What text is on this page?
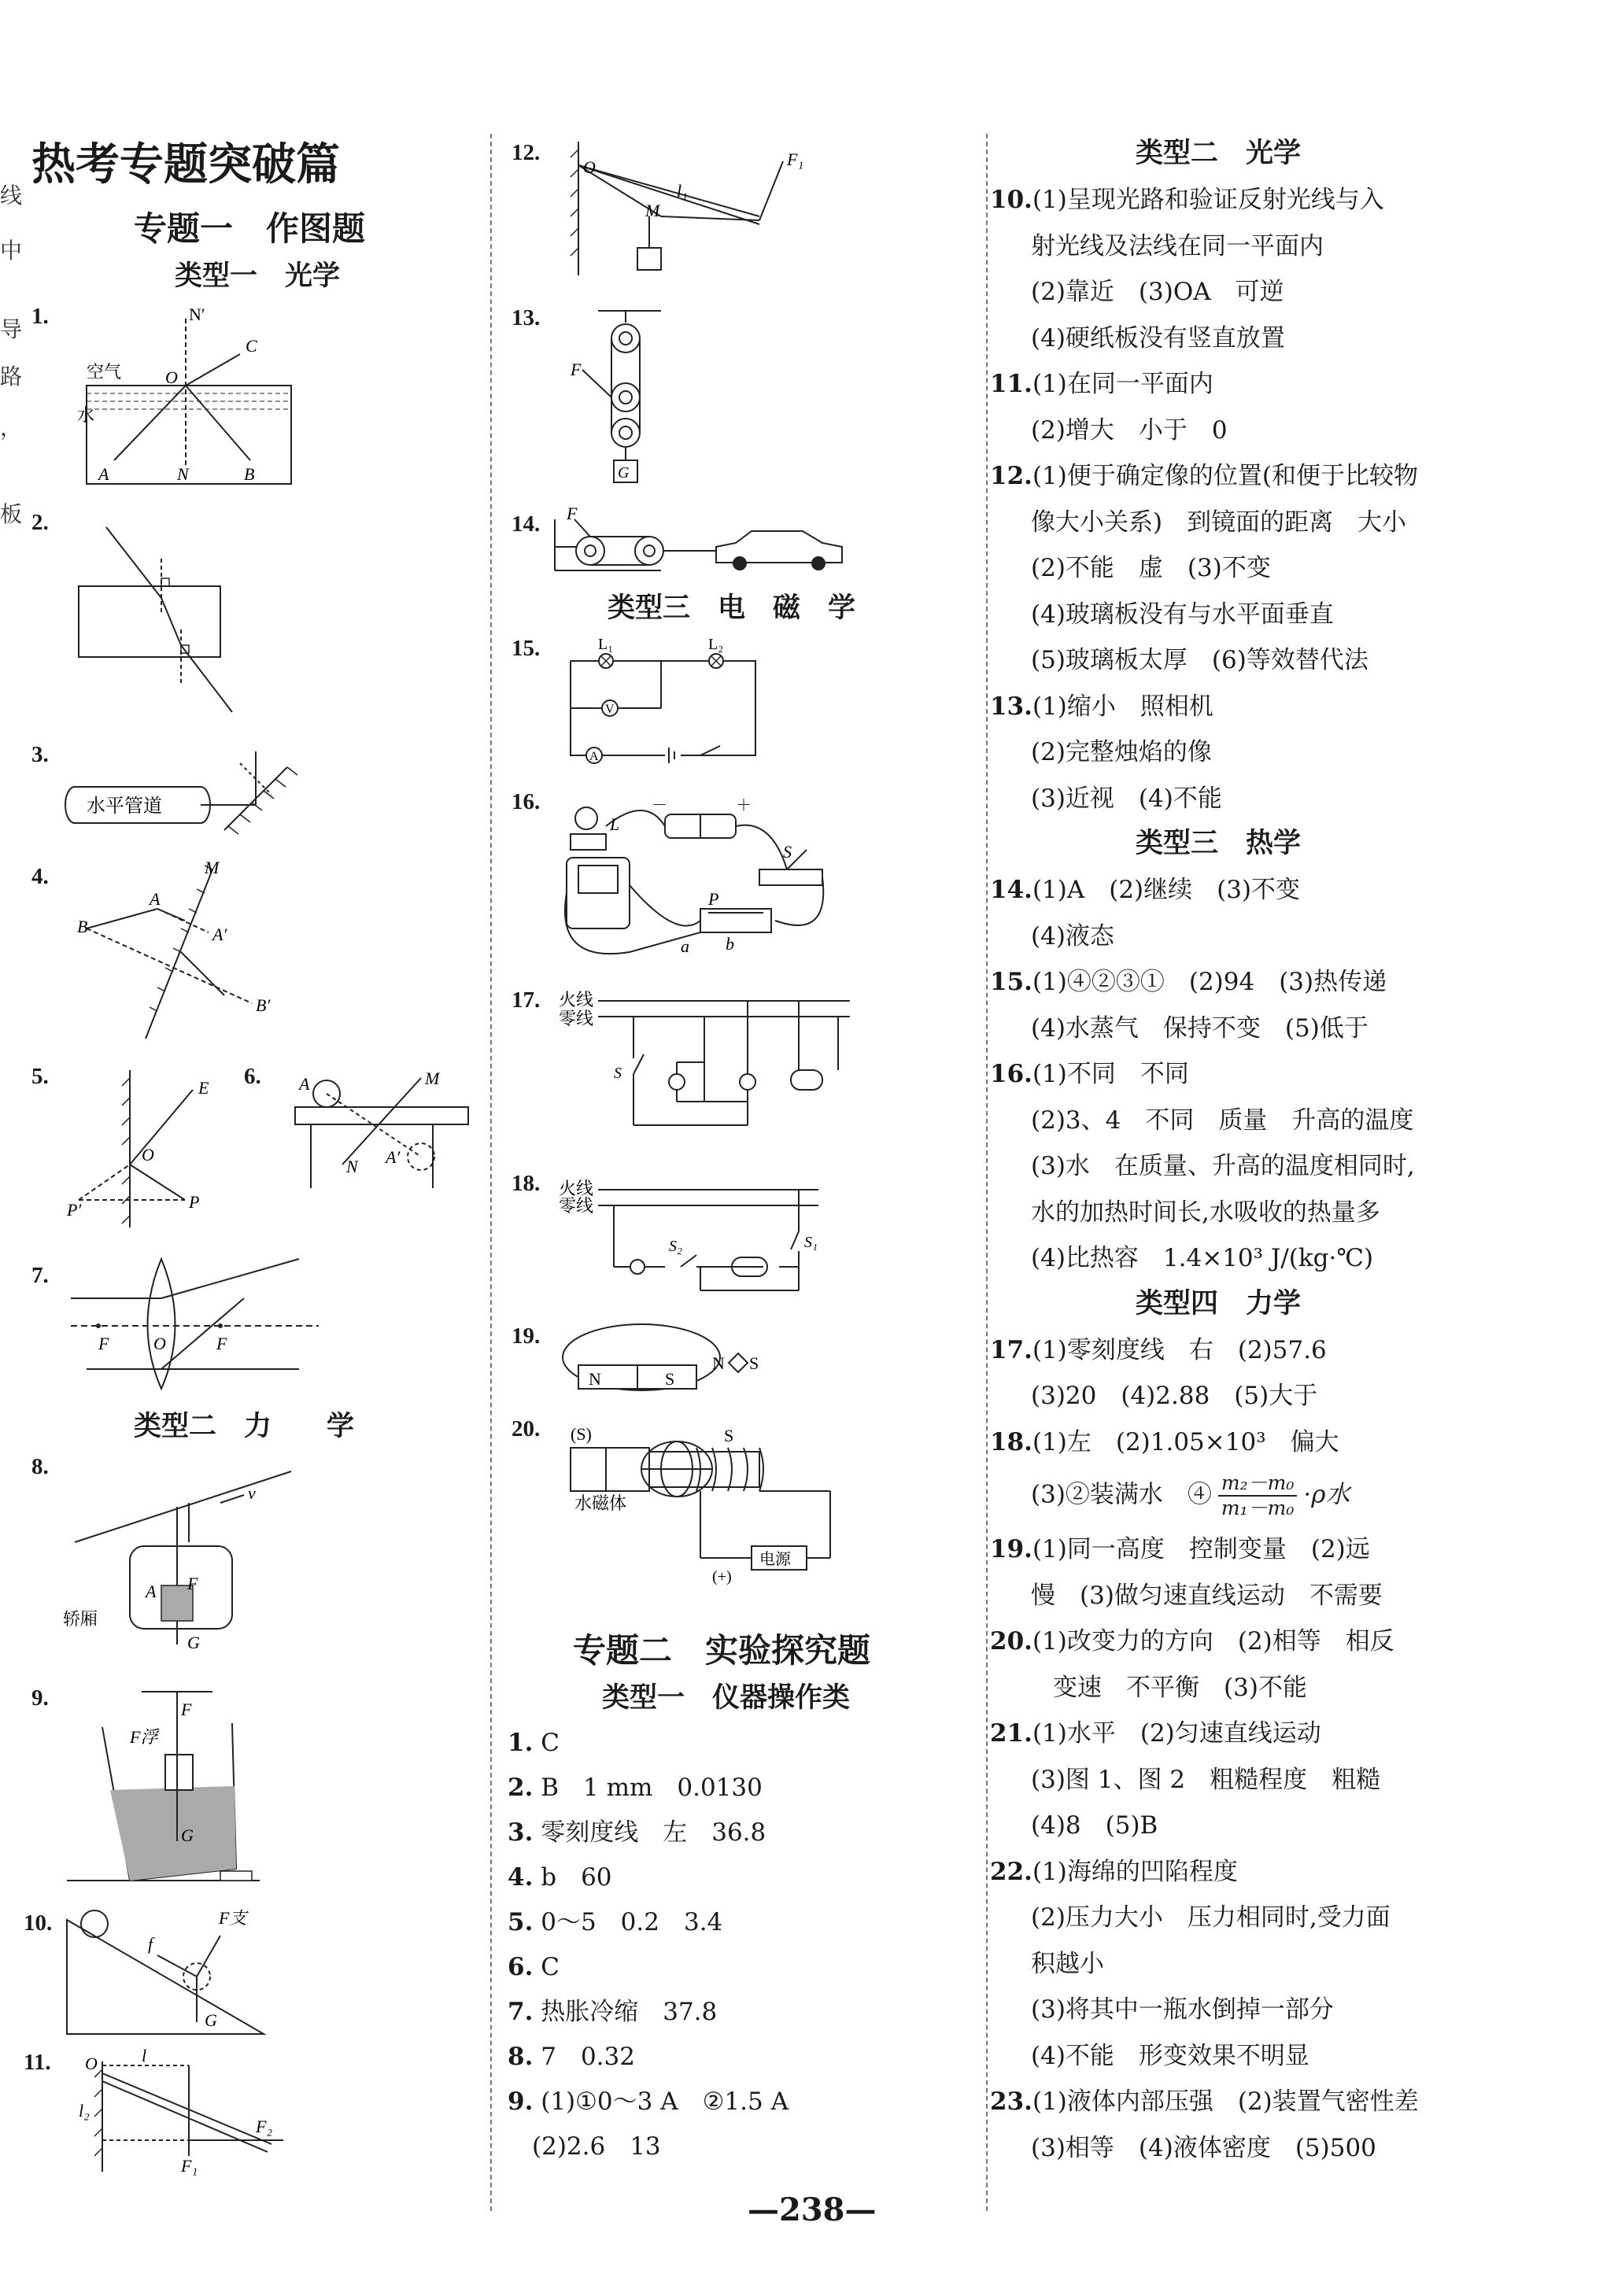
线
中
导
路
，
板
热考专题突破篇
专题一　作图题
类型一　光学
1.	N′
空气	O
C
水
A	N	B
2.
3.
水平管道
4.	M
A
B	A′
B′
5.	E
O
P′	P
6. A	M
N A′
7.
F	O	F
类型二　力　　学
8.
v
F
A
G
轿厢
9.	F
F浮
G
10.	F支
f
G
11. O	l
l₂
F₂
F₁
12.
O
l₁
M
F₁
13.
F
G
14. F
类型三　电　磁　学
15.	L₁	L₂
V
A
16.	－	＋
L
S
P
a b
17. 火线
零线
S
18. 火线
零线
S₂	S₁
19.
N	S
N S
20. (S)	S
水磁体
电源
(+)
专题二　实验探究题
类型一　仪器操作类
1. C
2. B　1 mm　0.0130
3. 零刻度线　左　36.8
4. b　60
5. 0～5　0.2　3.4
6. C
7. 热胀冷缩　37.8
8. 7　0.32
9. (1)①0～3 A　②1.5 A
　(2)2.6　13
类型二　光学
10.(1)呈现光路和验证反射光线与入
射光线及法线在同一平面内
(2)靠近　(3)OA　可逆
(4)硬纸板没有竖直放置
11.(1)在同一平面内
(2)增大　小于　0
12.(1)便于确定像的位置(和便于比较物
像大小关系)　到镜面的距离　大小
(2)不能　虚　(3)不变
(4)玻璃板没有与水平面垂直
(5)玻璃板太厚　(6)等效替代法
13.(1)缩小　照相机
(2)完整烛焰的像
(3)近视　(4)不能
类型三　热学
14.(1)A　(2)继续　(3)不变
(4)液态
15.(1)④②③①　(2)94　(3)热传递
(4)水蒸气　保持不变　(5)低于
16.(1)不同　不同
(2)3、4　不同　质量　升高的温度
(3)水　在质量、升高的温度相同时,
水的加热时间长,水吸收的热量多
(4)比热容　1.4×10³ J/(kg·℃)
类型四　力学
17.(1)零刻度线　右　(2)57.6
(3)20　(4)2.88　(5)大于
18.(1)左　(2)1.05×10³　偏大
(3)②装满水　④ $\frac{\text{m₂－m₀}}{\text{m₁－m₀}} \cdot\rho$水
19.(1)同一高度　控制变量　(2)远
慢　(3)做匀速直线运动　不需要
20.(1)改变力的方向　(2)相等　相反
变速　不平衡　(3)不能
21.(1)水平　(2)匀速直线运动
(3)图 1、图 2　粗糙程度　粗糙
(4)8　(5)B
22.(1)海绵的凹陷程度
(2)压力大小　压力相同时,受力面
积越小
(3)将其中一瓶水倒掉一部分
(4)不能　形变效果不明显
23.(1)液体内部压强　(2)装置气密性差
(3)相等　(4)液体密度　(5)500
—238—
